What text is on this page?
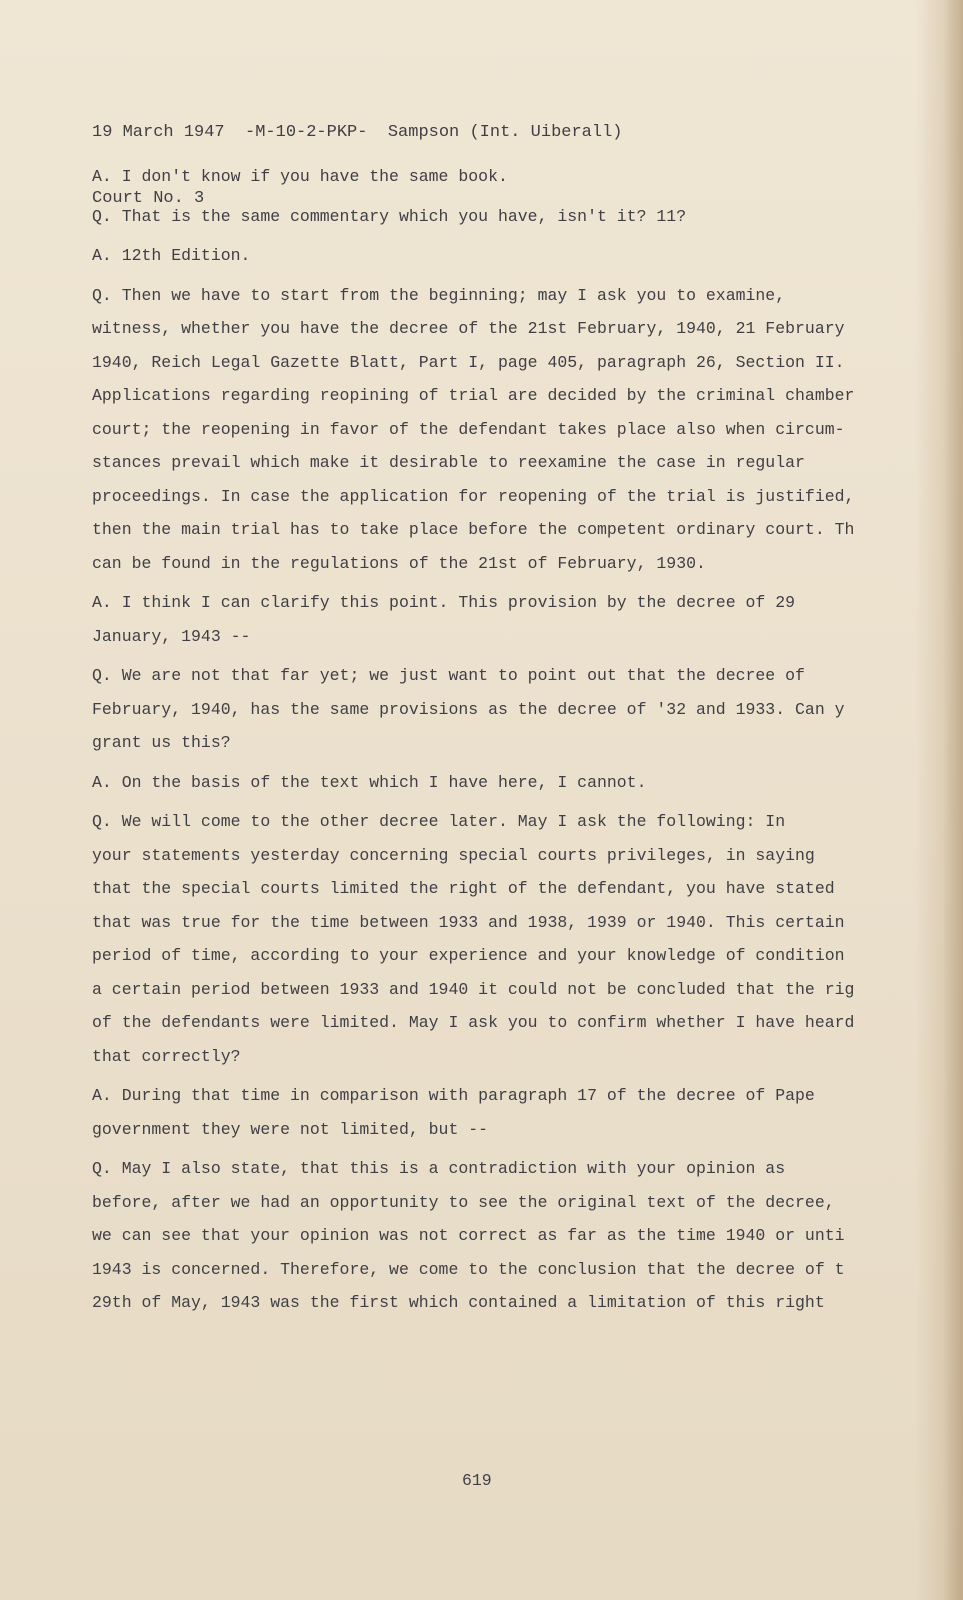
19 March 1947  -M-10-2-PKP-  Sampson (Int. Uiberall)

Court No. 3

A. I don't know if you have the same book.
Q. That is the same commentary which you have, isn't it? 11?
A. 12th Edition.
Q. Then we have to start from the beginning; may I ask you to examine,
witness, whether you have the decree of the 21st February, 1940, 21 February
1940, Reich Legal Gazette Blatt, Part I, page 405, paragraph 26, Section II.
Applications regarding reopining of trial are decided by the criminal chamber
court; the reopening in favor of the defendant takes place also when circum-
stances prevail which make it desirable to reexamine the case in regular
proceedings. In case the application for reopening of the trial is justified,
then the main trial has to take place before the competent ordinary court. Th
can be found in the regulations of the 21st of February, 1930.
A. I think I can clarify this point. This provision by the decree of 29
January, 1943 --
Q. We are not that far yet; we just want to point out that the decree of
February, 1940, has the same provisions as the decree of '32 and 1933. Can y
grant us this?
A. On the basis of the text which I have here, I cannot.
Q. We will come to the other decree later. May I ask the following: In
your statements yesterday concerning special courts privileges, in saying
that the special courts limited the right of the defendant, you have stated
that was true for the time between 1933 and 1938, 1939 or 1940. This certain
period of time, according to your experience and your knowledge of condition
a certain period between 1933 and 1940 it could not be concluded that the rig
of the defendants were limited. May I ask you to confirm whether I have heard
that correctly?
A. During that time in comparison with paragraph 17 of the decree of Pape
government they were not limited, but --
Q. May I also state, that this is a contradiction with your opinion as
before, after we had an opportunity to see the original text of the decree,
we can see that your opinion was not correct as far as the time 1940 or unti
1943 is concerned. Therefore, we come to the conclusion that the decree of t
29th of May, 1943 was the first which contained a limitation of this right
619
